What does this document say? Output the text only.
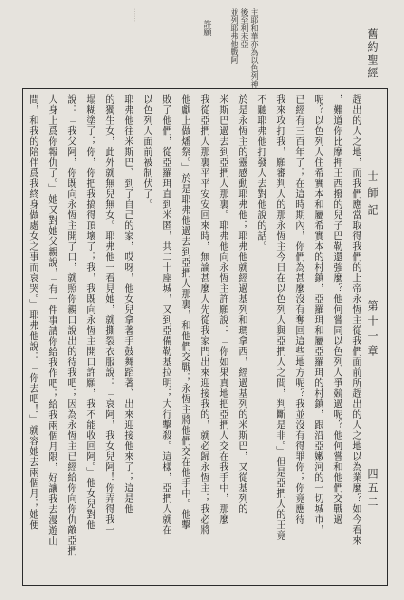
舊約聖經
士師記
第十一章
四五二
主耶和華亦為以色列神
後至利未亞
並列耶弗他戰阿
許願
⋯⋯
趕出的人之地，而我們應當取得我們的上帝永恆主從我們面前所趕出的人之地以為業麼？如今看來
，難道你比摩押王西撥的兒子巴勒還強麼？他何嘗同以色列人爭競過呢？他何嘗和他們交戰過
呢？以色列人住希實本和屬希實本的村鎮，亞羅珥和屬亞羅珥的村鎮，跟沿亞嫩河的一切城市，
已經有三百年了；在這時期內，你們為甚麼沒有奪回這些地方呢？我並沒有得罪你；你竟應待
我來攻打我，願審判人的那永恆主今日在以色列人與亞捫人之間，判斷是非。」但是亞捫人的王竟
不聽耶弗他打發人去對他說的話。
於是永恆主的靈感動耶弗他；耶弗他就經過基列和瑪拿西，經過基列的米斯巴，又從基列的
米斯巴過去到亞捫人那裏。耶弗他向永恆主許願說：「你如果真地把亞捫人交在我手中，那麼
我從亞捫人那裏平平安安回來時，無論甚麼人先從我家門出來迎接我的，就必歸永恆主；我必將
他獻上做燔祭。」於是耶弗他過去到亞捫人那裏，和他們交戰；永恆主將他們交在他手中。他擊
敗了他們，從亞羅珥直到米匿，共二十座城，又到亞備勒基拉明；大行擊殺。這樣，亞捫人就在
以色列人面前被制伏了。
耶弗他往米斯巴、到了自己的家，哎呀，他女兒拿著手鼓舞蹈著、出來迎接他來了；這是他
的獨生女，此外就無兒無女。耶弗他一看見她，就撕裂衣服說：「哀阿，我女兒阿！你弄得我一
塌糊塗了；你，你把我搞得頂壞了；我，我既向永恆主開口許願，我不能收回阿。」他女兒對他
說：「我父阿，你既向永恆主開了口，就照你親口說出的待我吧；因為永恆主已經給你向你仇敵亞捫
人身上爲你報仇了。」她又對她父親說，「有一件事請你給我作吧；給我兩個月限，好讓我去漫遊山
間，和我的陪伴爲我終身做處女之事而哀哭。」耶弗他說：「你去吧！」就容她去兩個月；她便
